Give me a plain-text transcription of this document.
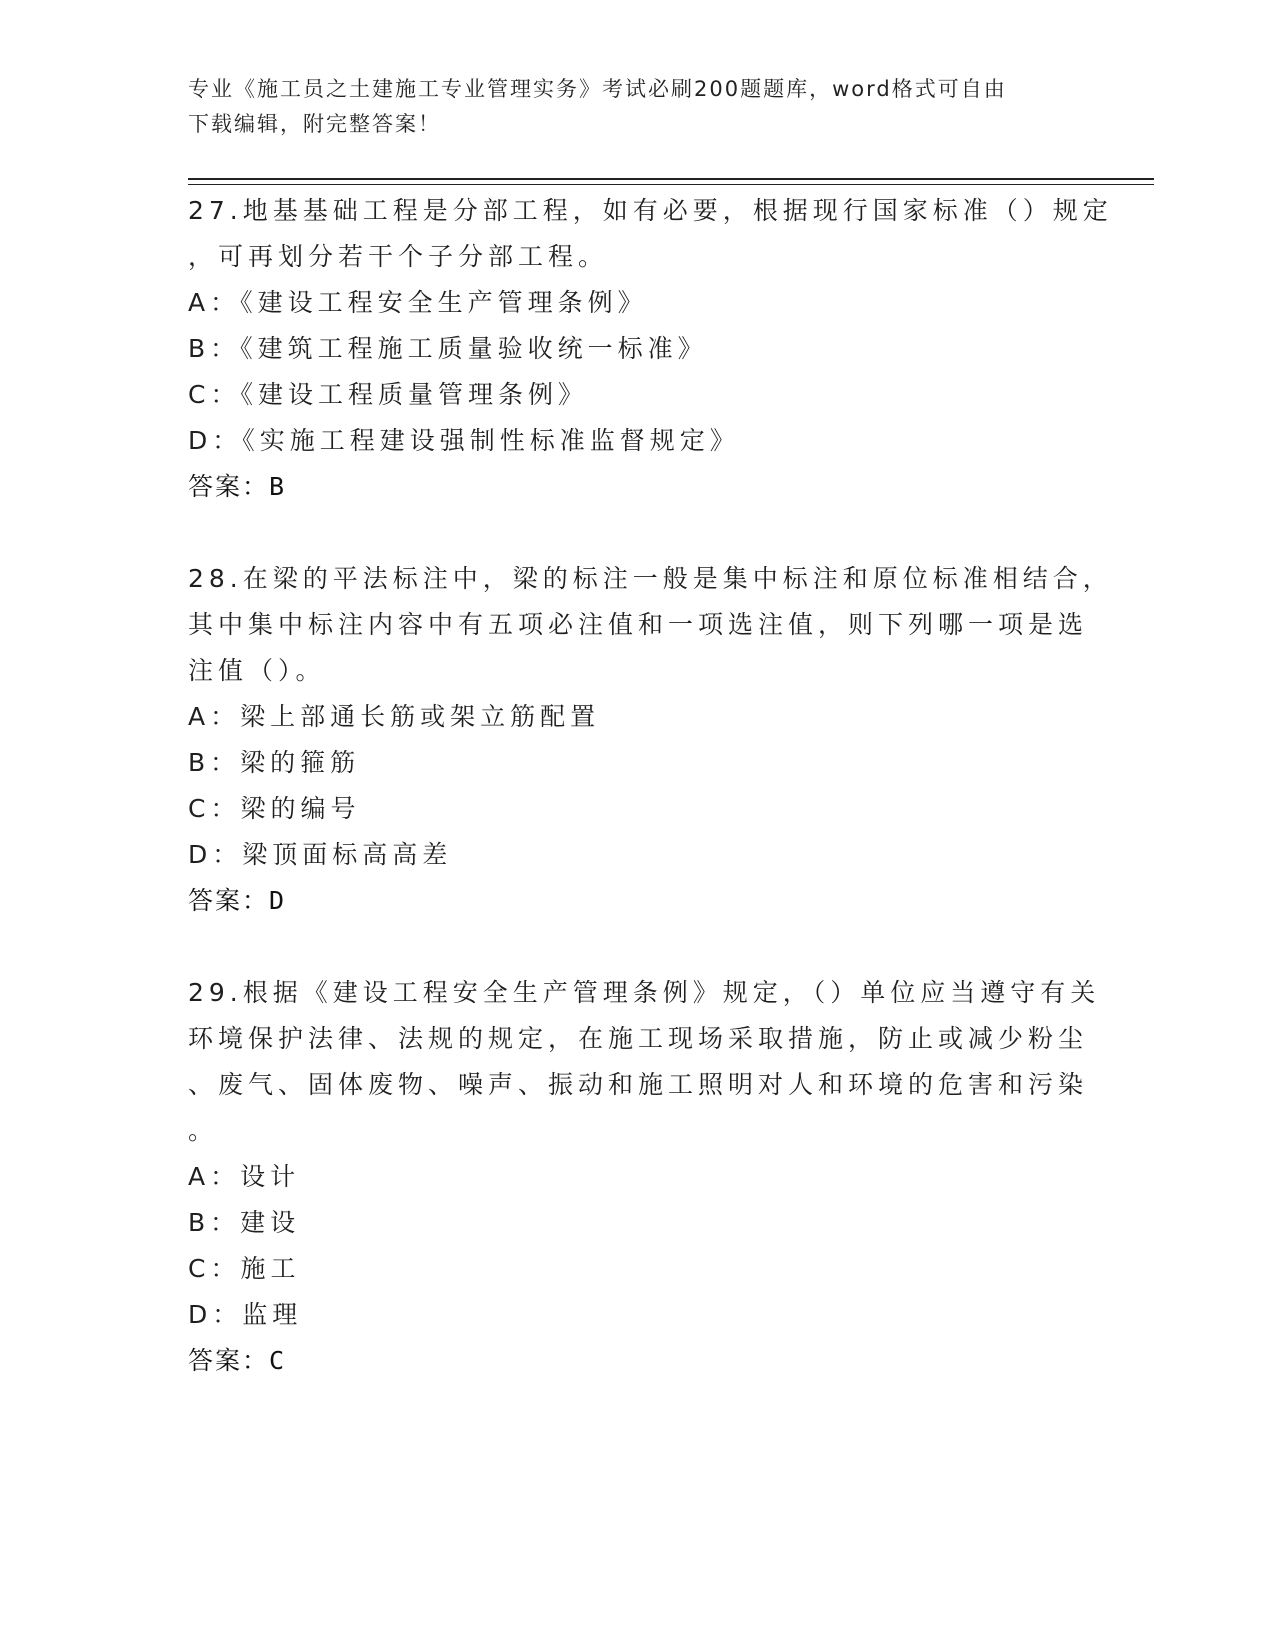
专业《施工员之土建施工专业管理实务》考试必刷200题题库，word格式可自由
下载编辑，附完整答案！
27.地基基础工程是分部工程，如有必要，根据现行国家标准（）规定
，可再划分若干个子分部工程。
A：《建设工程安全生产管理条例》
B：《建筑工程施工质量验收统一标准》
C：《建设工程质量管理条例》
D：《实施工程建设强制性标准监督规定》
答案：B
28.在梁的平法标注中，梁的标注一般是集中标注和原位标准相结合，
其中集中标注内容中有五项必注值和一项选注值，则下列哪一项是选
注值（）。
A：梁上部通长筋或架立筋配置
B：梁的箍筋
C：梁的编号
D：梁顶面标高高差
答案：D
29.根据《建设工程安全生产管理条例》规定，（）单位应当遵守有关
环境保护法律、法规的规定，在施工现场采取措施，防止或减少粉尘
、废气、固体废物、噪声、振动和施工照明对人和环境的危害和污染
。
A：设计
B：建设
C：施工
D：监理
答案：C
